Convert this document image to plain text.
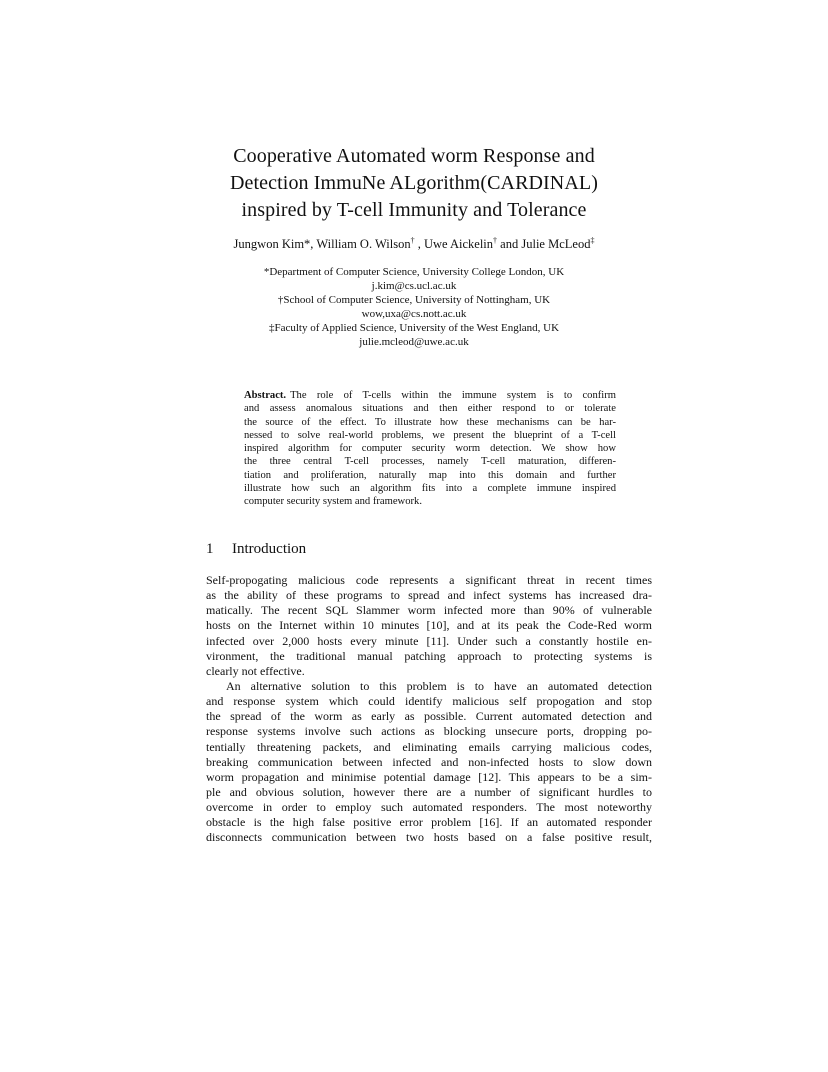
Cooperative Automated worm Response and
Detection ImmuNe ALgorithm(CARDINAL)
inspired by T-cell Immunity and Tolerance
Jungwon Kim*, William O. Wilson† , Uwe Aickelin† and Julie McLeod‡
*Department of Computer Science, University College London, UK
j.kim@cs.ucl.ac.uk
†School of Computer Science, University of Nottingham, UK
wow,uxa@cs.nott.ac.uk
‡Faculty of Applied Science, University of the West England, UK
julie.mcleod@uwe.ac.uk
Abstract. The role of T-cells within the immune system is to confirm
and assess anomalous situations and then either respond to or tolerate
the source of the effect. To illustrate how these mechanisms can be har-
nessed to solve real-world problems, we present the blueprint of a T-cell
inspired algorithm for computer security worm detection. We show how
the three central T-cell processes, namely T-cell maturation, differen-
tiation and proliferation, naturally map into this domain and further
illustrate how such an algorithm fits into a complete immune inspired
computer security system and framework.
1 Introduction
Self-propogating malicious code represents a significant threat in recent times
as the ability of these programs to spread and infect systems has increased dra-
matically. The recent SQL Slammer worm infected more than 90% of vulnerable
hosts on the Internet within 10 minutes [10], and at its peak the Code-Red worm
infected over 2,000 hosts every minute [11]. Under such a constantly hostile en-
vironment, the traditional manual patching approach to protecting systems is
clearly not effective.
An alternative solution to this problem is to have an automated detection
and response system which could identify malicious self propogation and stop
the spread of the worm as early as possible. Current automated detection and
response systems involve such actions as blocking unsecure ports, dropping po-
tentially threatening packets, and eliminating emails carrying malicious codes,
breaking communication between infected and non-infected hosts to slow down
worm propagation and minimise potential damage [12]. This appears to be a sim-
ple and obvious solution, however there are a number of significant hurdles to
overcome in order to employ such automated responders. The most noteworthy
obstacle is the high false positive error problem [16]. If an automated responder
disconnects communication between two hosts based on a false positive result,
